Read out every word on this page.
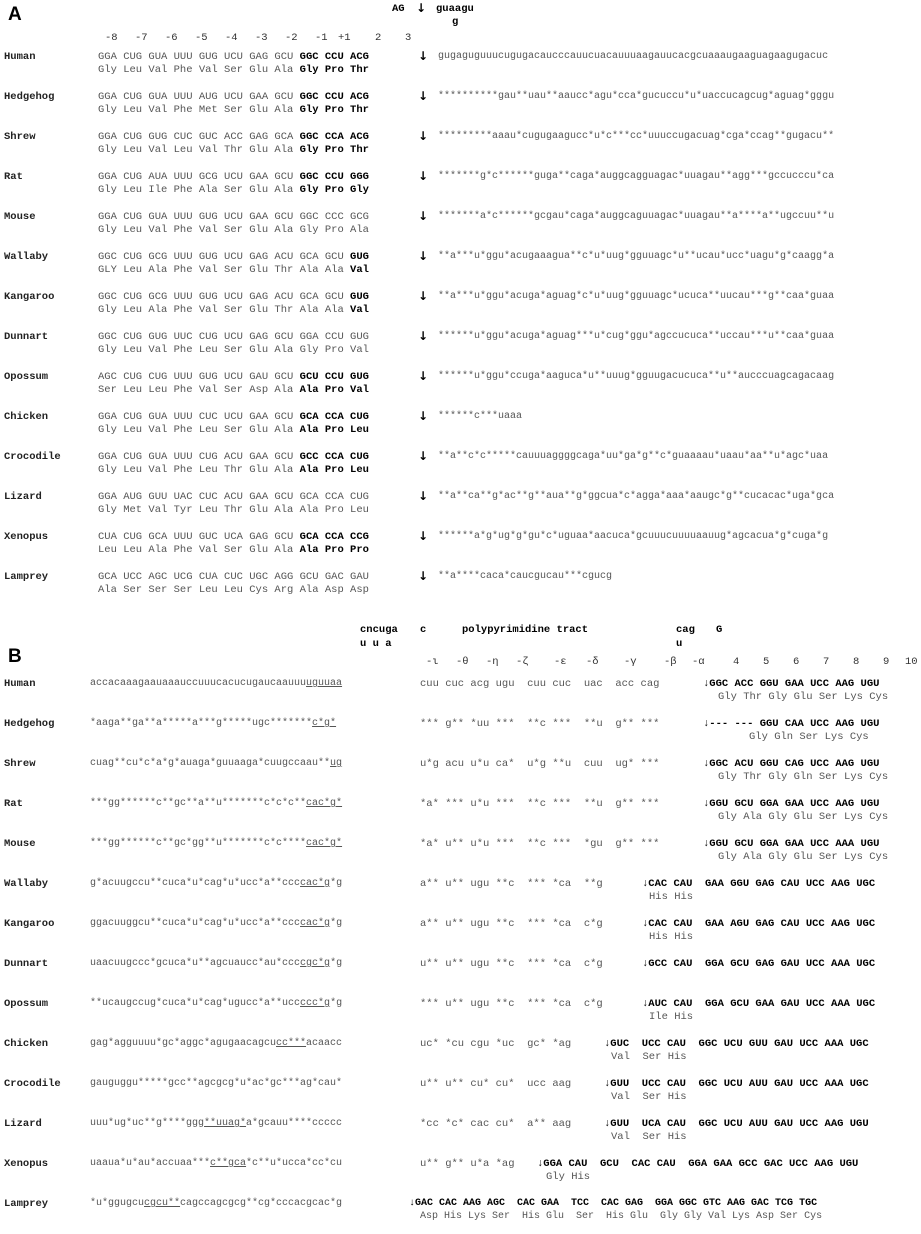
A
B
AG ↓ guaagu
g
-8 -7 -6 -5 -4 -3 -2 -1 +1 2 3
Human	GGA CUG GUA UUU GUG UCU GAG GCU GGC CCU ACG
Gly Leu Val Phe Val Ser Glu Ala Gly Pro Thr
↓ gugaguguuucugugacaucccauucuacauuuaagauucacgcuaaaugaaguagaagugacuc
Hedgehog	GGA CUG GUA UUU AUG UCU GAA GCU GGC CCU ACG
Gly Leu Val Phe Met Ser Glu Ala Gly Pro Thr
↓ **********gau**uau**aaucc*agu*cca*gucuccu*u*uaccucagcug*aguag*gggu
Shrew	GGA CUG GUG CUC GUC ACC GAG GCA GGC CCA ACG
Gly Leu Val Leu Val Thr Glu Ala Gly Pro Thr
↓ *********aaau*cugugaagucc*u*c***cc*uuuccugacuag*cga*ccag**gugacu**
Rat	GGA CUG AUA UUU GCG UCU GAA GCU GGC CCU GGG
Gly Leu Ile Phe Ala Ser Glu Ala Gly Pro Gly
↓ *******g*c******guga**caga*auggcagguagac*uuagau**agg***gccucccu*ca
Mouse	GGA CUG GUA UUU GUG UCU GAA GCU GGC CCC GCG
Gly Leu Val Phe Val Ser Glu Ala Gly Pro Ala
↓ *******a*c******gcgau*caga*auggcaguuagac*uuagau**a****a**ugccuu**u
Wallaby	GGC CUG GCG UUU GUG UCU GAG ACU GCA GCU GUG
GLY Leu Ala Phe Val Ser Glu Thr Ala Ala Val
↓ **a***u*ggu*acugaaagua**c*u*uug*gguuagc*u**ucau*ucc*uagu*g*caagg*a
Kangaroo	GGC CUG GCG UUU GUG UCU GAG ACU GCA GCU GUG
Gly Leu Ala Phe Val Ser Glu Thr Ala Ala Val
↓ **a***u*ggu*acuga*aguag*c*u*uug*gguuagc*ucuca**uucau***g**caa*guaa
Dunnart	GGC CUG GUG UUC CUG UCU GAG GCU GGA CCU GUG
Gly Leu Val Phe Leu Ser Glu Ala Gly Pro Val
↓ ******u*ggu*acuga*aguag***u*cug*ggu*agccucuca**uccau***u**caa*guaa
Opossum	AGC CUG CUG UUU GUG UCU GAU GCU GCU CCU GUG
Ser Leu Leu Phe Val Ser Asp Ala Ala Pro Val
↓ ******u*ggu*ccuga*aaguca*u**uuug*gguugacucuca**u**aucccuagcagacaag
Chicken	GGA CUG GUA UUU CUC UCU GAA GCU GCA CCA CUG
Gly Leu Val Phe Leu Ser Glu Ala Ala Pro Leu
↓ ******c***uaaa
Crocodile	GGA CUG GUA UUU CUG ACU GAA GCU GCC CCA CUG
Gly Leu Val Phe Leu Thr Glu Ala Ala Pro Leu
↓ **a**c*c*****cauuuaggggcaga*uu*ga*g**c*guaaaau*uaau*aa**u*agc*uaa
Lizard	GGA AUG GUU UAC CUC ACU GAA GCU GCA CCA CUG
Gly Met Val Tyr Leu Thr Glu Ala Ala Pro Leu
↓ **a**ca**g*ac**g**aua**g*ggcua*c*agga*aaa*aaugc*g**cucacac*uga*gca
Xenopus	CUA CUG GCA UUU GUC UCA GAG GCU GCA CCA CCG
Leu Leu Ala Phe Val Ser Glu Ala Ala Pro Pro
↓ ******a*g*ug*g*gu*c*uguaa*aacuca*gcuuucuuuuaauug*agcacua*g*cuga*g
Lamprey	GCA UCC AGC UCG CUA CUC UGC AGG GCU GAC GAU
Ala Ser Ser Ser Leu Leu Cys Arg Ala Asp Asp
↓ **a****caca*caucgucau***cgucg
cncuga
u u a
c	polypyrimidine tract	cag
u
G
-ι -θ -η -ζ -ε -δ -γ	-β -α	4 5 6 7 8 9 10
Human	accacaaagaauaaauccuuucacucugaucaauuuuguuaa	cuu cuc acg ugu  cuu cuc  uac  acc cag	↓GGC ACC GGU GAA UCC AAG UGU
Gly Thr Gly Glu Ser Lys Cys
Hedgehog	*aaga**ga**a*****a***g*****ugc*******c*g*	*** g** *uu ***  **c ***  **u  g** ***	↓--- --- GGU CAA UCC AAG UGU
Gly Gln Ser Lys Cys
Shrew	cuag**cu*c*a*g*auaga*guuaaga*cuugccaau**ug	u*g acu u*u ca*  u*g **u  cuu  ug* ***	↓GGC ACU GGU CAG UCC AAG UGU
Gly Thr Gly Gln Ser Lys Cys
Rat	***gg******c**gc**a**u*******c*c*c**cac*g*	*a* *** u*u ***  **c ***  **u  g** ***	↓GGU GCU GGA GAA UCC AAG UGU
Gly Ala Gly Glu Ser Lys Cys
Mouse	***gg******c**gc*gg**u*******c*c****cac*g*	*a* u** u*u ***  **c ***  *gu  g** ***	↓GGU GCU GGA GAA UCC AAA UGU
Gly Ala Gly Glu Ser Lys Cys
Wallaby	g*acuugccu**cuca*u*cag*u*ucc*a**ccccac*g*g	a** u** ugu **c  *** *ca  **g	↓CAC CAU  GAA GGU GAG CAU UCC AAG UGC
His His
Kangaroo	ggacuuggcu**cuca*u*cag*u*ucc*a**ccccac*g*g	a** u** ugu **c  *** *ca  c*g	↓CAC CAU  GAA AGU GAG CAU UCC AAG UGC
His His
Dunnart	uaacuugccc*gcuca*u**agcuaucc*au*ccccgc*g*g	u** u** ugu **c  *** *ca  c*g	↓GCC CAU  GGA GCU GAG GAU UCC AAA UGC
Opossum	**ucaugccug*cuca*u*cag*ugucc*a**uccccc*g*g	*** u** ugu **c  *** *ca  c*g	↓AUC CAU  GGA GCU GAA GAU UCC AAA UGC
Ile His
Chicken	gag*agguuuu*gc*aggc*agugaacagcucc***acaacc	uc* *cu cgu *uc  gc* *ag	↓GUC  UCC CAU  GGC UCU GUU GAU UCC AAA UGC
Val  Ser His
Crocodile	gauguggu*****gcc**agcgcg*u*ac*gc***ag*cau*	u** u** cu* cu*  ucc aag	↓GUU  UCC CAU  GGC UCU AUU GAU UCC AAA UGC
Val  Ser His
Lizard	uuu*ug*uc**g****ggg**uuag*a*gcauu****ccccc	*cc *c* cac cu*  a** aag	↓GUU  UCA CAU  GGC UCU AUU GAU UCC AAG UGU
Val  Ser His
Xenopus	uaaua*u*au*accuaa***c**gca*c**u*ucca*cc*cu	u** g** u*a *ag ↓GGA CAU  GCU  CAC CAU  GGA GAA GCC GAC UCC AAG UGU
Gly His
Lamprey	*u*ggugcucgcu**cagccagcgcg**cg*cccacgcac*g	↓GAC CAC AAG AGC  CAC GAA  TCC  CAC GAG  GGA GGC GTC AAG GAC TCG TGC
Asp His Lys Ser  His Glu  Ser  His Glu  Gly Gly Val Lys Asp Ser Cys
